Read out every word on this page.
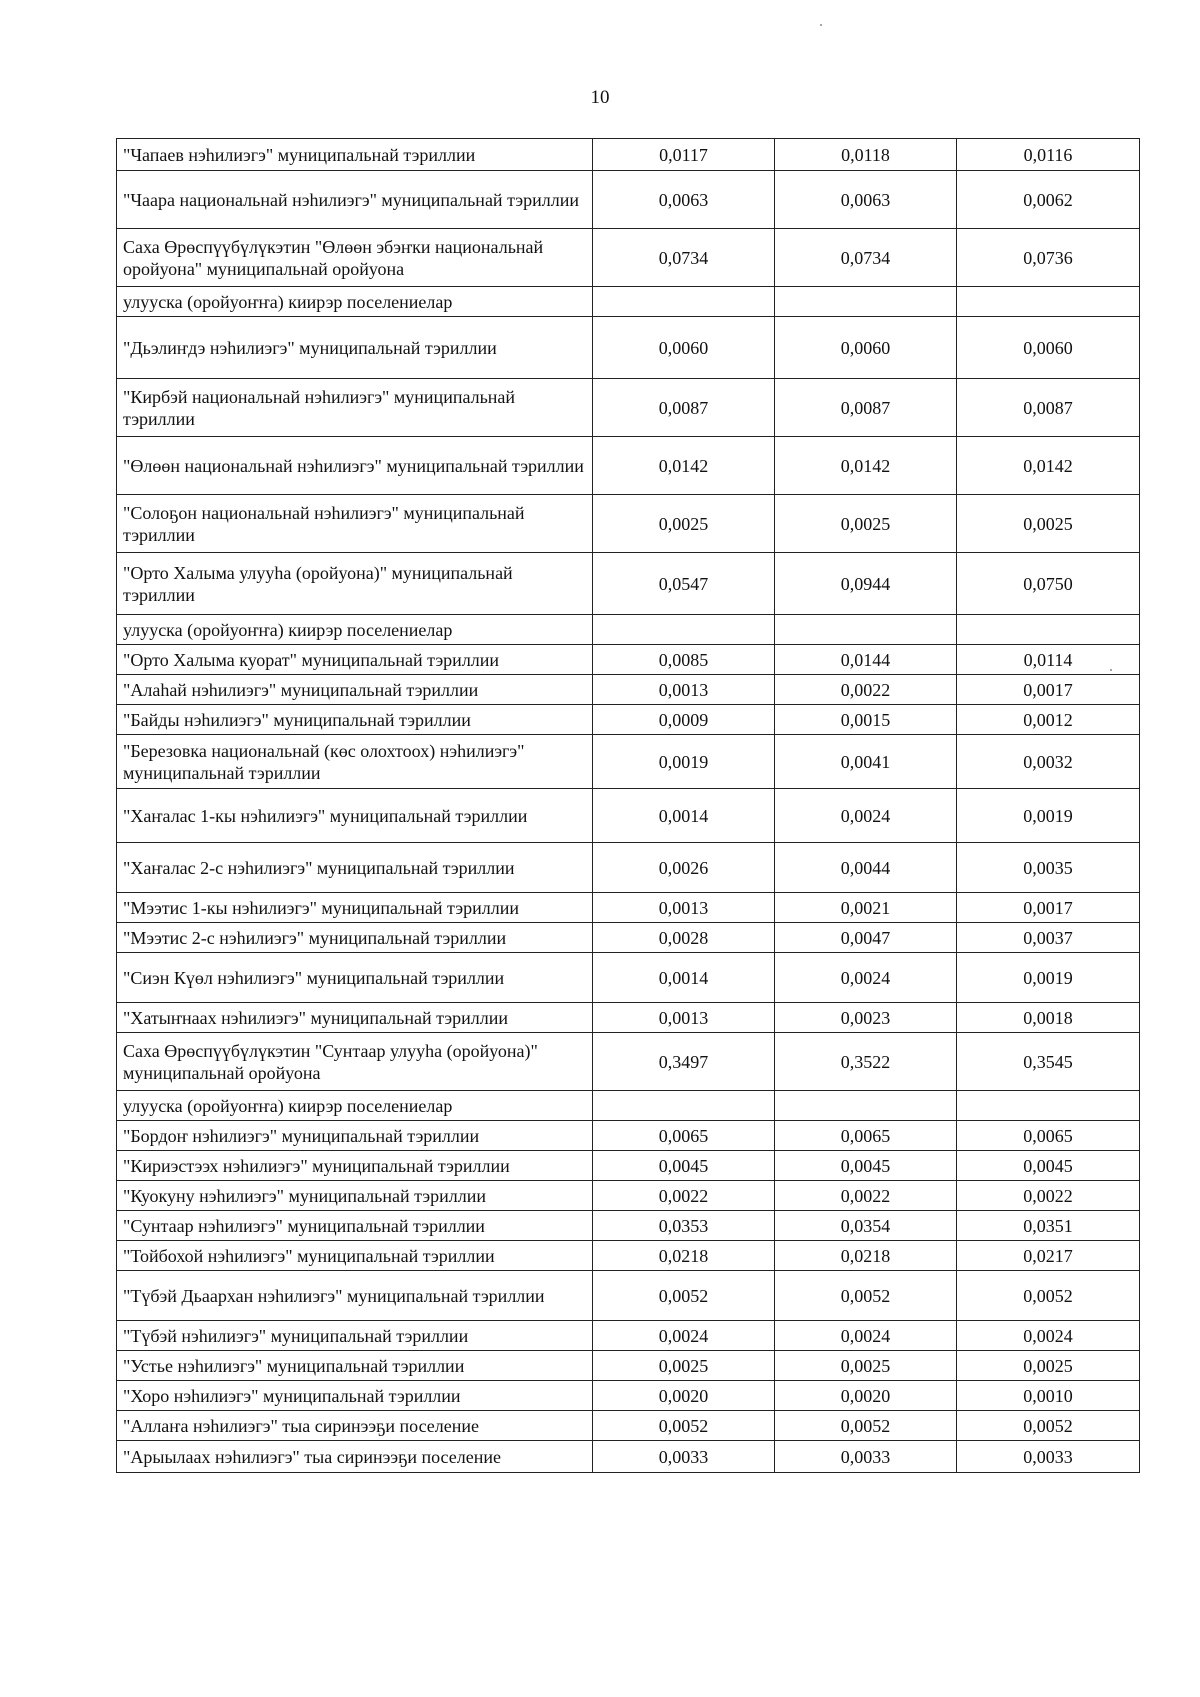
10
"Чапаев нэһилиэгэ" муниципальнай тэриллии	0,0117	0,0118	0,0116
"Чаара национальнай нэһилиэгэ" муниципальнай тэриллии	0,0063	0,0063	0,0062
Саха Өрөспүүбүлүкэтин "Өлөөн эбэҥки национальнай оройуона" муниципальнай оройуона	0,0734	0,0734	0,0736
улууска (оройуоҥҥа) киирэр поселениелар			
"Дьэлиҥдэ нэһилиэгэ" муниципальнай тэриллии	0,0060	0,0060	0,0060
"Кирбэй национальнай нэһилиэгэ" муниципальнай тэриллии	0,0087	0,0087	0,0087
"Өлөөн национальнай нэһилиэгэ" муниципальнай тэриллии	0,0142	0,0142	0,0142
"Солоҕон национальнай нэһилиэгэ" муниципальнай тэриллии	0,0025	0,0025	0,0025
"Орто Халыма улууһа (оройуона)" муниципальнай тэриллии	0,0547	0,0944	0,0750
улууска (оройуоҥҥа) киирэр поселениелар			
"Орто Халыма куорат" муниципальнай тэриллии	0,0085	0,0144	0,0114
"Алаһай нэһилиэгэ" муниципальнай тэриллии	0,0013	0,0022	0,0017
"Байды нэһилиэгэ" муниципальнай тэриллии	0,0009	0,0015	0,0012
"Березовка национальнай (көс олохтоох) нэһилиэгэ" муниципальнай тэриллии	0,0019	0,0041	0,0032
"Хаҥалас 1-кы нэһилиэгэ" муниципальнай тэриллии	0,0014	0,0024	0,0019
"Хаҥалас 2-с нэһилиэгэ" муниципальнай тэриллии	0,0026	0,0044	0,0035
"Мээтис 1-кы нэһилиэгэ" муниципальнай тэриллии	0,0013	0,0021	0,0017
"Мээтис 2-с нэһилиэгэ" муниципальнай тэриллии	0,0028	0,0047	0,0037
"Сиэн Күөл нэһилиэгэ" муниципальнай тэриллии	0,0014	0,0024	0,0019
"Хатыҥнаах нэһилиэгэ" муниципальнай тэриллии	0,0013	0,0023	0,0018
Саха Өрөспүүбүлүкэтин "Сунтаар улууһа (оройуона)" муниципальнай оройуона	0,3497	0,3522	0,3545
улууска (оройуоҥҥа) киирэр поселениелар			
"Бордоҥ нэһилиэгэ" муниципальнай тэриллии	0,0065	0,0065	0,0065
"Кириэстээх нэһилиэгэ" муниципальнай тэриллии	0,0045	0,0045	0,0045
"Куокуну нэһилиэгэ" муниципальнай тэриллии	0,0022	0,0022	0,0022
"Сунтаар нэһилиэгэ" муниципальнай тэриллии	0,0353	0,0354	0,0351
"Тойбохой нэһилиэгэ" муниципальнай тэриллии	0,0218	0,0218	0,0217
"Түбэй Дьаархан нэһилиэгэ" муниципальнай тэриллии	0,0052	0,0052	0,0052
"Түбэй нэһилиэгэ" муниципальнай тэриллии	0,0024	0,0024	0,0024
"Устье нэһилиэгэ" муниципальнай тэриллии	0,0025	0,0025	0,0025
"Хоро нэһилиэгэ" муниципальнай тэриллии	0,0020	0,0020	0,0010
"Аллаҥа нэһилиэгэ" тыа сиринээҕи поселение	0,0052	0,0052	0,0052
"Арыылаах нэһилиэгэ" тыа сиринээҕи поселение	0,0033	0,0033	0,0033
